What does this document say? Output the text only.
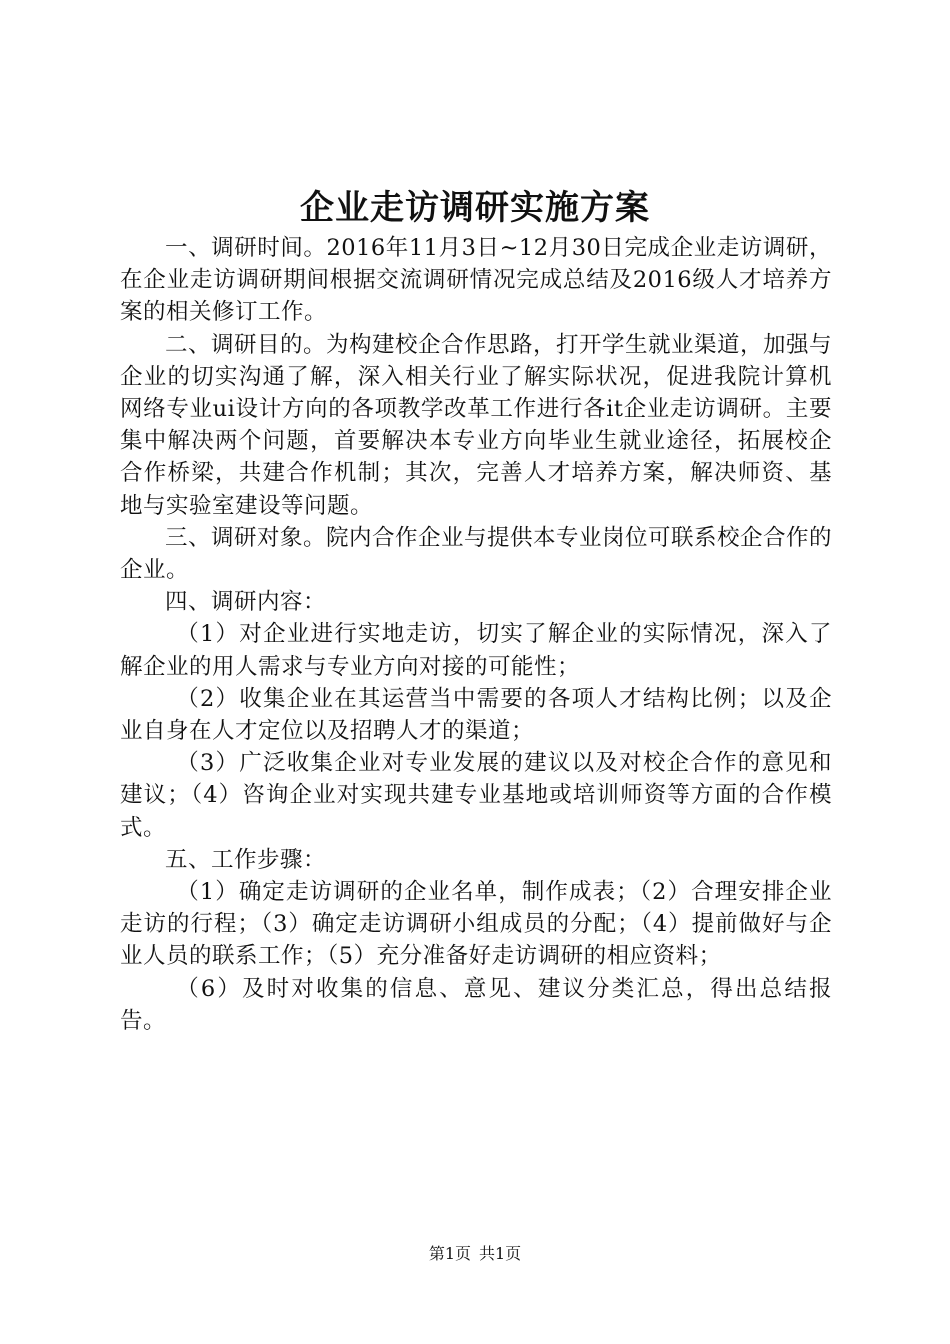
企业走访调研实施方案

一、调研时间。2016年11月3日~12月30日完成企业走访调研，在企业走访调研期间根据交流调研情况完成总结及2016级人才培养方案的相关修订工作。

二、调研目的。为构建校企合作思路，打开学生就业渠道，加强与企业的切实沟通了解，深入相关行业了解实际状况，促进我院计算机网络专业ui设计方向的各项教学改革工作进行各it企业走访调研。主要集中解决两个问题，首要解决本专业方向毕业生就业途径，拓展校企合作桥梁，共建合作机制；其次，完善人才培养方案，解决师资、基地与实验室建设等问题。

三、调研对象。院内合作企业与提供本专业岗位可联系校企合作的企业。

四、调研内容：

（1）对企业进行实地走访，切实了解企业的实际情况，深入了解企业的用人需求与专业方向对接的可能性；

（2）收集企业在其运营当中需要的各项人才结构比例；以及企业自身在人才定位以及招聘人才的渠道；

（3）广泛收集企业对专业发展的建议以及对校企合作的意见和建议；（4）咨询企业对实现共建专业基地或培训师资等方面的合作模式。

五、工作步骤：

（1）确定走访调研的企业名单，制作成表；（2）合理安排企业走访的行程；（3）确定走访调研小组成员的分配；（4）提前做好与企业人员的联系工作；（5）充分准备好走访调研的相应资料；

（6）及时对收集的信息、意见、建议分类汇总，得出总结报告。

第1页 共1页
